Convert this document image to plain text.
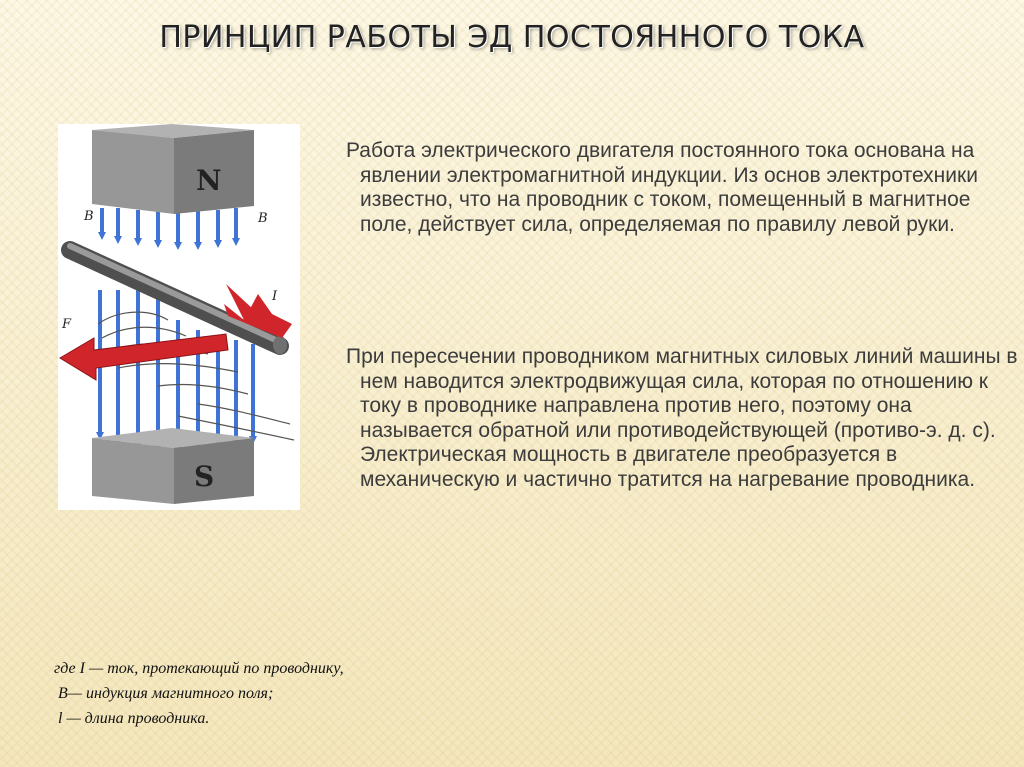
ПРИНЦИП РАБОТЫ ЭД ПОСТОЯННОГО ТОКА
N
S
B	B
I
F
Работа электрического двигателя постоянного тока основана на явлении электромагнитной индукции. Из основ электротехники известно, что на проводник с током, помещенный в магнитное поле, действует сила, определяемая по правилу левой руки.
При пересечении проводником магнитных силовых линий машины в нем наводится электродвижущая сила, которая по отношению к току в проводнике направлена против него, поэтому она называется обратной или противодействующей (противо-э. д. с). Электрическая мощность в двигателе преобразуется в механическую и частично тратится на нагревание проводника.
где I — ток, протекающий по проводнику,
B— индукция магнитного поля;
l — длина проводника.
